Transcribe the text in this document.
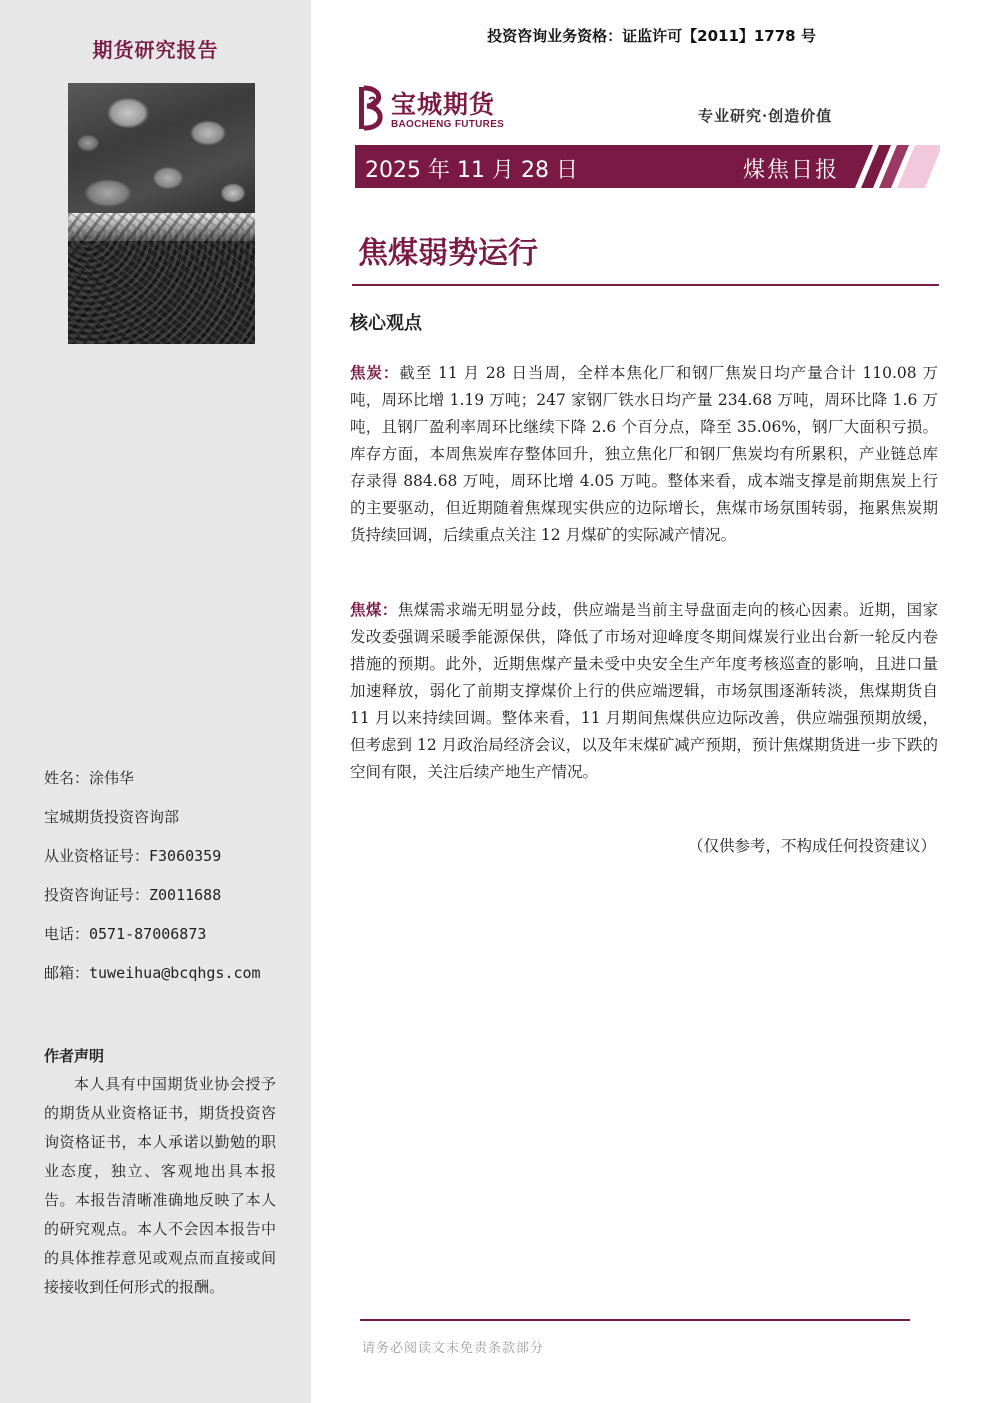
期货研究报告
姓名：涂伟华
宝城期货投资咨询部
从业资格证号：F3060359
投资咨询证号：Z0011688
电话：0571-87006873
邮箱：tuweihua@bcqhgs.com
作者声明
本人具有中国期货业协会授予的期货从业资格证书，期货投资咨询资格证书，本人承诺以勤勉的职业态度，独立、客观地出具本报告。本报告清晰准确地反映了本人的研究观点。本人不会因本报告中的具体推荐意见或观点而直接或间接接收到任何形式的报酬。
投资咨询业务资格：证监许可【2011】1778 号
宝城期货
BAOCHENG FUTURES	专业研究·创造价值
2025 年 11 月 28 日	煤焦日报
焦煤弱势运行
核心观点
焦炭：截至 11 月 28 日当周，全样本焦化厂和钢厂焦炭日均产量合计 110.08 万吨，周环比增 1.19 万吨；247 家钢厂铁水日均产量 234.68 万吨，周环比降 1.6 万吨，且钢厂盈利率周环比继续下降 2.6 个百分点，降至 35.06%，钢厂大面积亏损。库存方面，本周焦炭库存整体回升，独立焦化厂和钢厂焦炭均有所累积，产业链总库存录得 884.68 万吨，周环比增 4.05 万吨。整体来看，成本端支撑是前期焦炭上行的主要驱动，但近期随着焦煤现实供应的边际增长，焦煤市场氛围转弱，拖累焦炭期货持续回调，后续重点关注 12 月煤矿的实际减产情况。
焦煤：焦煤需求端无明显分歧，供应端是当前主导盘面走向的核心因素。近期，国家发改委强调采暖季能源保供，降低了市场对迎峰度冬期间煤炭行业出台新一轮反内卷措施的预期。此外，近期焦煤产量未受中央安全生产年度考核巡查的影响，且进口量加速释放，弱化了前期支撑煤价上行的供应端逻辑，市场氛围逐渐转淡，焦煤期货自 11 月以来持续回调。整体来看，11 月期间焦煤供应边际改善，供应端强预期放缓，但考虑到 12 月政治局经济会议，以及年末煤矿减产预期，预计焦煤期货进一步下跌的空间有限，关注后续产地生产情况。
（仅供参考，不构成任何投资建议）
请务必阅读文末免责条款部分
